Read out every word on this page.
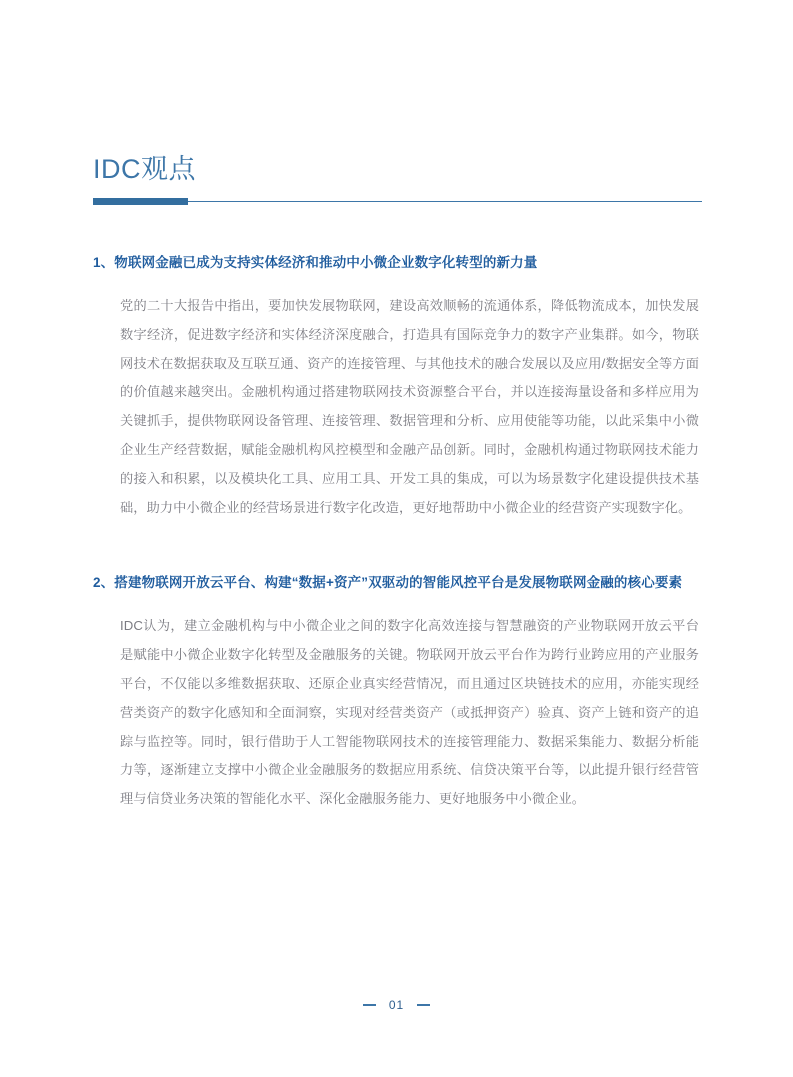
IDC观点
1、物联网金融已成为支持实体经济和推动中小微企业数字化转型的新力量

党的二十大报告中指出，要加快发展物联网，建设高效顺畅的流通体系，降低物流成本，加快发展数字经济，促进数字经济和实体经济深度融合，打造具有国际竞争力的数字产业集群。如今，物联网技术在数据获取及互联互通、资产的连接管理、与其他技术的融合发展以及应用/数据安全等方面的价值越来越突出。金融机构通过搭建物联网技术资源整合平台，并以连接海量设备和多样应用为关键抓手，提供物联网设备管理、连接管理、数据管理和分析、应用使能等功能，以此采集中小微企业生产经营数据，赋能金融机构风控模型和金融产品创新。同时，金融机构通过物联网技术能力的接入和积累，以及模块化工具、应用工具、开发工具的集成，可以为场景数字化建设提供技术基础，助力中小微企业的经营场景进行数字化改造，更好地帮助中小微企业的经营资产实现数字化。

2、搭建物联网开放云平台、构建“数据+资产”双驱动的智能风控平台是发展物联网金融的核心要素

IDC认为，建立金融机构与中小微企业之间的数字化高效连接与智慧融资的产业物联网开放云平台是赋能中小微企业数字化转型及金融服务的关键。物联网开放云平台作为跨行业跨应用的产业服务平台，不仅能以多维数据获取、还原企业真实经营情况，而且通过区块链技术的应用，亦能实现经营类资产的数字化感知和全面洞察，实现对经营类资产（或抵押资产）验真、资产上链和资产的追踪与监控等。同时，银行借助于人工智能物联网技术的连接管理能力、数据采集能力、数据分析能力等，逐渐建立支撑中小微企业金融服务的数据应用系统、信贷决策平台等，以此提升银行经营管理与信贷业务决策的智能化水平、深化金融服务能力、更好地服务中小微企业。

01
